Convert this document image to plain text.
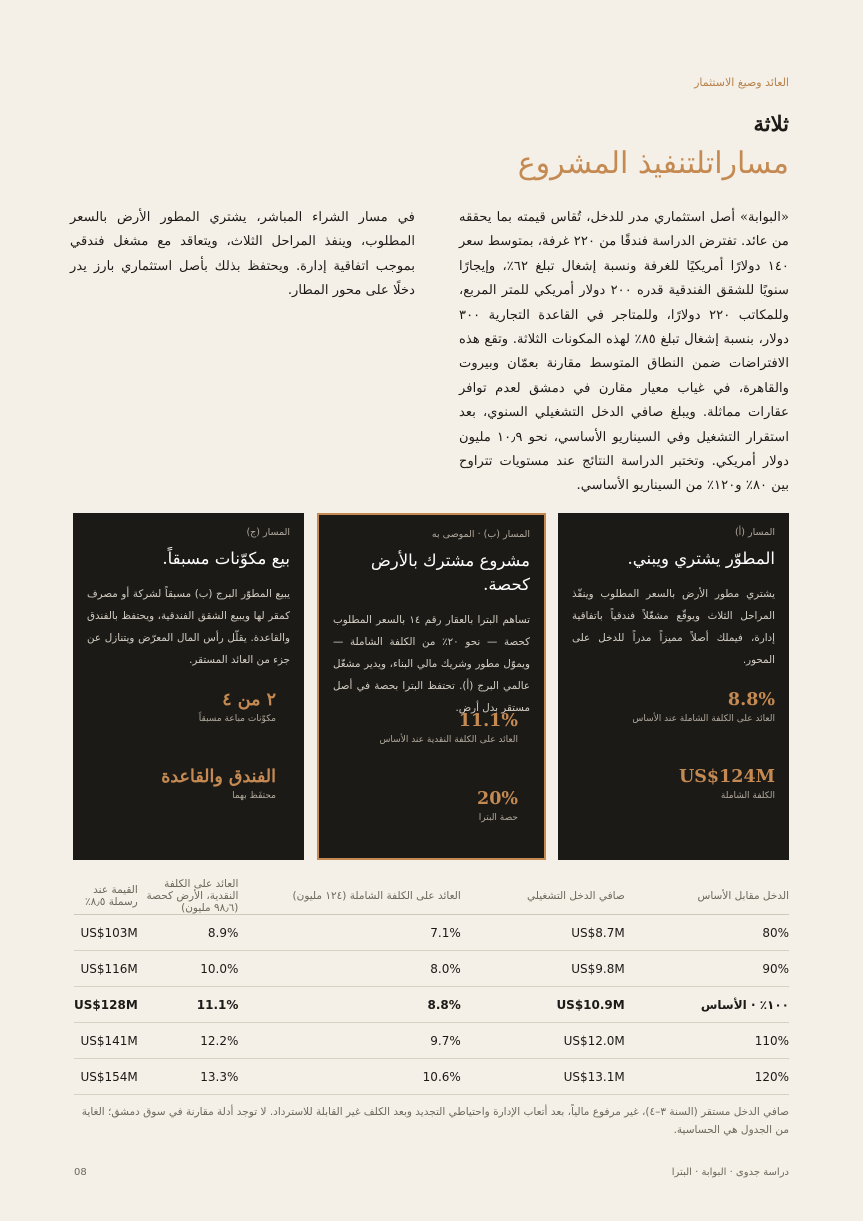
العائد وصيغ الاستثمار
ثلاثة
مساراتلتنفيذ المشروع

«البوابة» أصل استثماري مدر للدخل، تُقاس قيمته بما يحققه من عائد. تفترض الدراسة فندقًا من ٢٢٠ غرفة، بمتوسط سعر ١٤٠ دولارًا أمريكيًا للغرفة ونسبة إشغال تبلغ ٦٢٪، وإيجارًا سنويًا للشقق الفندقية قدره ٢٠٠ دولار أمريكي للمتر المربع، وللمكاتب ٢٢٠ دولارًا، وللمتاجر في القاعدة التجارية ٣٠٠ دولار، بنسبة إشغال تبلغ ٨٥٪ لهذه المكونات الثلاثة. وتقع هذه الافتراضات ضمن النطاق المتوسط مقارنة بعمّان وبيروت والقاهرة، في غياب معيار مقارن في دمشق لعدم توافر عقارات مماثلة. ويبلغ صافي الدخل التشغيلي السنوي، بعد استقرار التشغيل وفي السيناريو الأساسي، نحو ١٠٫٩ مليون دولار أمريكي. وتختبر الدراسة النتائج عند مستويات تتراوح بين ٨٠٪ و١٢٠٪ من السيناريو الأساسي.

في مسار الشراء المباشر، يشتري المطور الأرض بالسعر المطلوب، وينفذ المراحل الثلاث، ويتعاقد مع مشغل فندقي بموجب اتفاقية إدارة. ويحتفظ بذلك بأصل استثماري بارز يدر دخلًا على محور المطار.

المسار (أ)
المطوّر يشتري ويبني.
يشتري مطور الأرض بالسعر المطلوب وينفّذ المراحل الثلاث ويوقّع مشغّلاً فندقياً باتفاقية إدارة، فيملك أصلاً مميزاً مدراً للدخل على المحور.
8.8%
العائد على الكلفة الشاملة عند الأساس
US$124M
الكلفة الشاملة
المسار (ب) · الموصى به
مشروع مشترك بالأرض كحصة.
تساهم البترا بالعقار رقم ١٤ بالسعر المطلوب كحصة — نحو ٢٠٪ من الكلفة الشاملة — ويموّل مطور وشريك مالي البناء، ويدير مشغّل عالمي البرج (أ). تحتفظ البترا بحصة في أصل مستقر بدل أرض.
11.1%
العائد على الكلفة النقدية عند الأساس
20%
حصة البترا
المسار (ج)
بيع مكوّنات مسبقاً.
يبيع المطوّر البرج (ب) مسبقاً لشركة أو مصرف كمقر لها ويبيع الشقق الفندقية، ويحتفظ بالفندق والقاعدة. يقلّل رأس المال المعرّض ويتنازل عن جزء من العائد المستقر.
٢ من ٤
مكوّنات مباعة مسبقاً
الفندق والقاعدة
محتفَظ بهما
الدخل مقابل الأساس	صافي الدخل التشغيلي	العائد على الكلفة الشاملة (١٢٤ مليون)	العائد على الكلفة النقدية، الأرض كحصة (٩٨٫٦ مليون)	القيمة عند رسملة ٨٫٥٪
80%	US$8.7M	7.1%	8.9%	US$103M
90%	US$9.8M	8.0%	10.0%	US$116M
١٠٠٪ · الأساس	US$10.9M	8.8%	11.1%	US$128M
110%	US$12.0M	9.7%	12.2%	US$141M
120%	US$13.1M	10.6%	13.3%	US$154M

صافي الدخل مستقر (السنة ٣–٤)، غير مرفوع مالياً، بعد أتعاب الإدارة واحتياطي التجديد وبعد الكلف غير القابلة للاسترداد. لا توجد أدلة مقارنة في سوق دمشق؛ الغاية من الجدول هي الحساسية.

08	دراسة جدوى · البوابة · البترا
